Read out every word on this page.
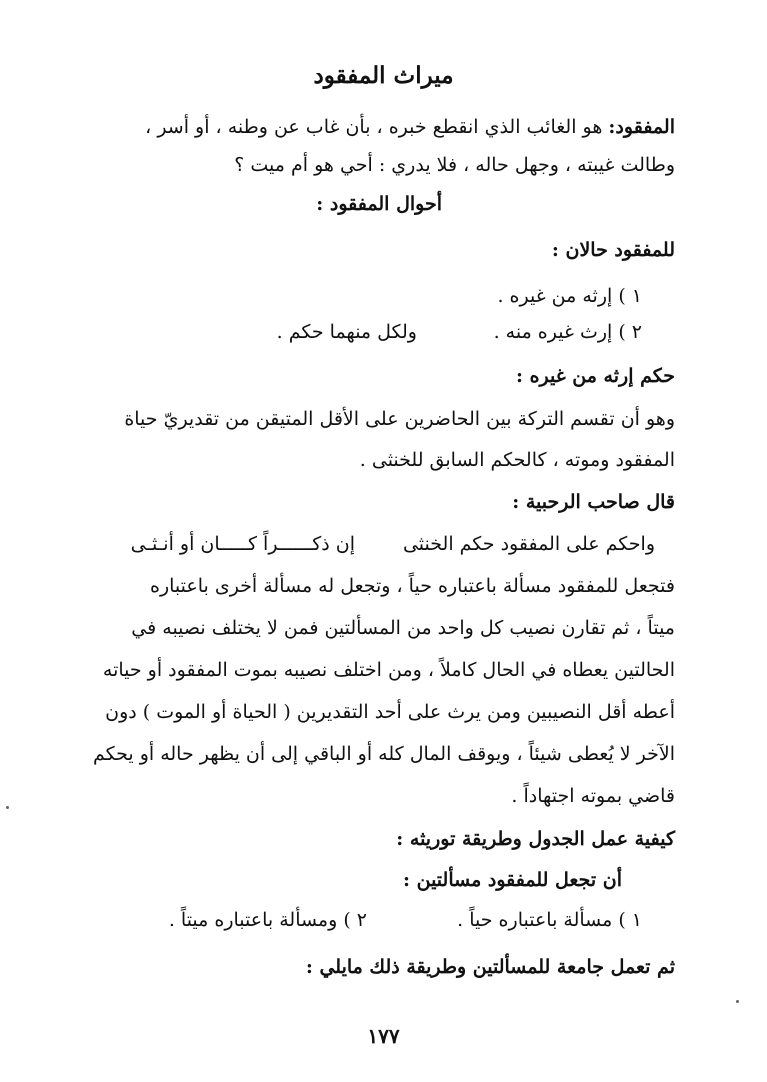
ميراث المفقود
المفقود: هو الغائب الذي انقطع خبره ، بأن غاب عن وطنه ، أو أسر ،
وطالت غيبته ، وجهل حاله ، فلا يدري : أحي هو أم ميت ؟
أحوال المفقود :
للمفقود حالان :
١ ) إرثه من غيره .
٢ ) إرث غيره منه .
ولكل منهما حكم .
حكم إرثه من غيره :
وهو أن تقسم التركة بين الحاضرين على الأقل المتيقن من تقديريّ حياة
المفقود وموته ، كالحكم السابق للخنثى .
قال صاحب الرحبية :
واحكم على المفقود حكم الخنثى
إن ذكــــــراً كـــــان أو أنـثـى
فتجعل للمفقود مسألة باعتباره حياً ، وتجعل له مسألة أخرى باعتباره
ميتاً ، ثم تقارن نصيب كل واحد من المسألتين فمن لا يختلف نصيبه في
الحالتين يعطاه في الحال كاملاً ، ومن اختلف نصيبه بموت المفقود أو حياته
أعطه أقل النصيبين ومن يرث على أحد التقديرين ( الحياة أو الموت ) دون
الآخر لا يُعطى شيئاً ، ويوقف المال كله أو الباقي إلى أن يظهر حاله أو يحكم
قاضي بموته اجتهاداً .
كيفية عمل الجدول وطريقة توريثه :
أن تجعل للمفقود مسألتين :
١ ) مسألة باعتباره حياً .
٢ ) ومسألة باعتباره ميتاً .
ثم تعمل جامعة للمسألتين وطريقة ذلك مايلي :
١٧٧
